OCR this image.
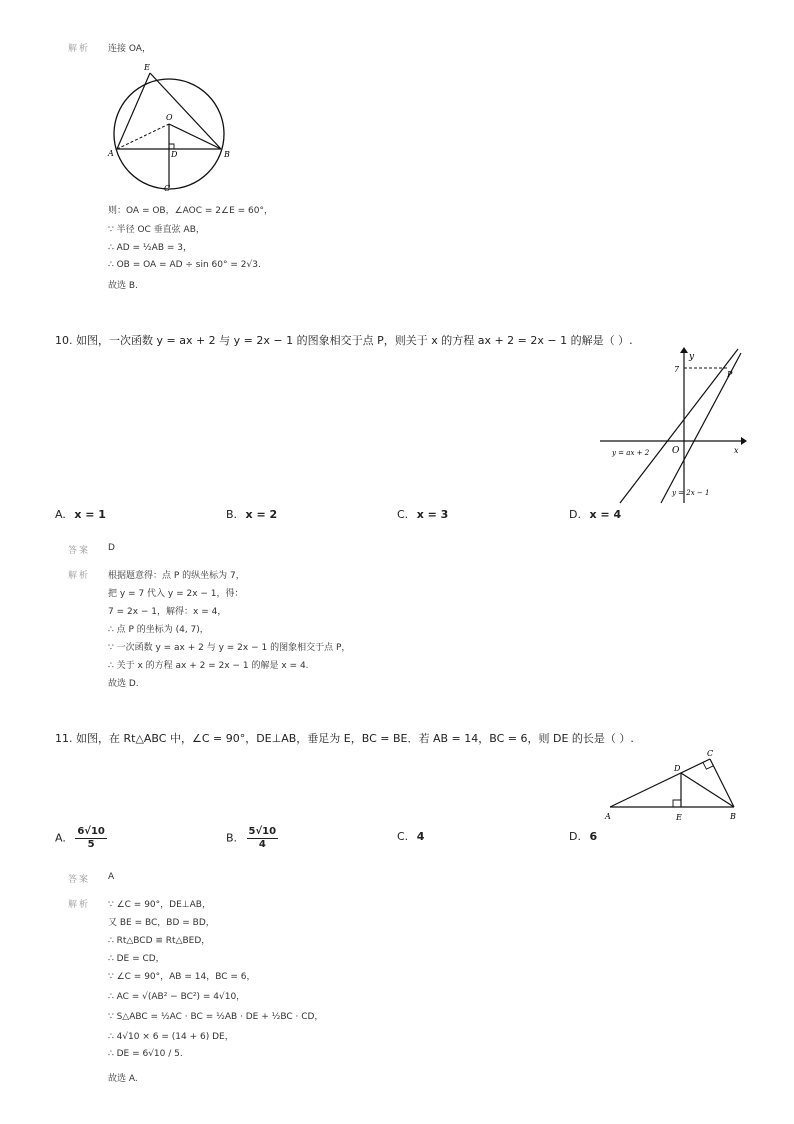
解析 连接 OA，
E
O
A	D	B
C
则：OA = OB，∠AOC = 2∠E = 60°，
∵ 半径 OC 垂直弦 AB，
∴ AD = ½AB = 3，
∴ OB = OA = AD ÷ sin 60° = 2√3.
故选 B.
10. 如图，一次函数 y = ax + 2 与 y = 2x − 1 的图象相交于点 P，则关于 x 的方程 ax + 2 = 2x − 1 的解是（ ）.
y
x
O
7
P
y = ax + 2
y = 2x − 1
A. x = 1	B. x = 2	C. x = 3	D. x = 4
答案 D
解析 根据题意得：点 P 的纵坐标为 7，
把 y = 7 代入 y = 2x − 1，得：
7 = 2x − 1，解得：x = 4，
∴ 点 P 的坐标为 (4, 7)，
∵ 一次函数 y = ax + 2 与 y = 2x − 1 的图象相交于点 P，
∴ 关于 x 的方程 ax + 2 = 2x − 1 的解是 x = 4.
故选 D.
11. 如图，在 Rt△ABC 中，∠C = 90°，DE⊥AB，垂足为 E，BC = BE．若 AB = 14，BC = 6，则 DE 的长是（ ）.
A	B
C
D
E
A. $\frac{6√10}{5}$	B. $\frac{5√10}{4}$	C. 4	D. 6
答案 A
解析 ∵ ∠C = 90°，DE⊥AB，
又 BE = BC，BD = BD，
∴ Rt△BCD ≌ Rt△BED，
∴ DE = CD，
∵ ∠C = 90°，AB = 14，BC = 6，
∴ AC = √(AB² − BC²) = 4√10，
∵ S△ABC = ½AC · BC = ½AB · DE + ½BC · CD，
∴ 4√10 × 6 = (14 + 6) DE，
∴ DE = 6√10 / 5.
故选 A.
